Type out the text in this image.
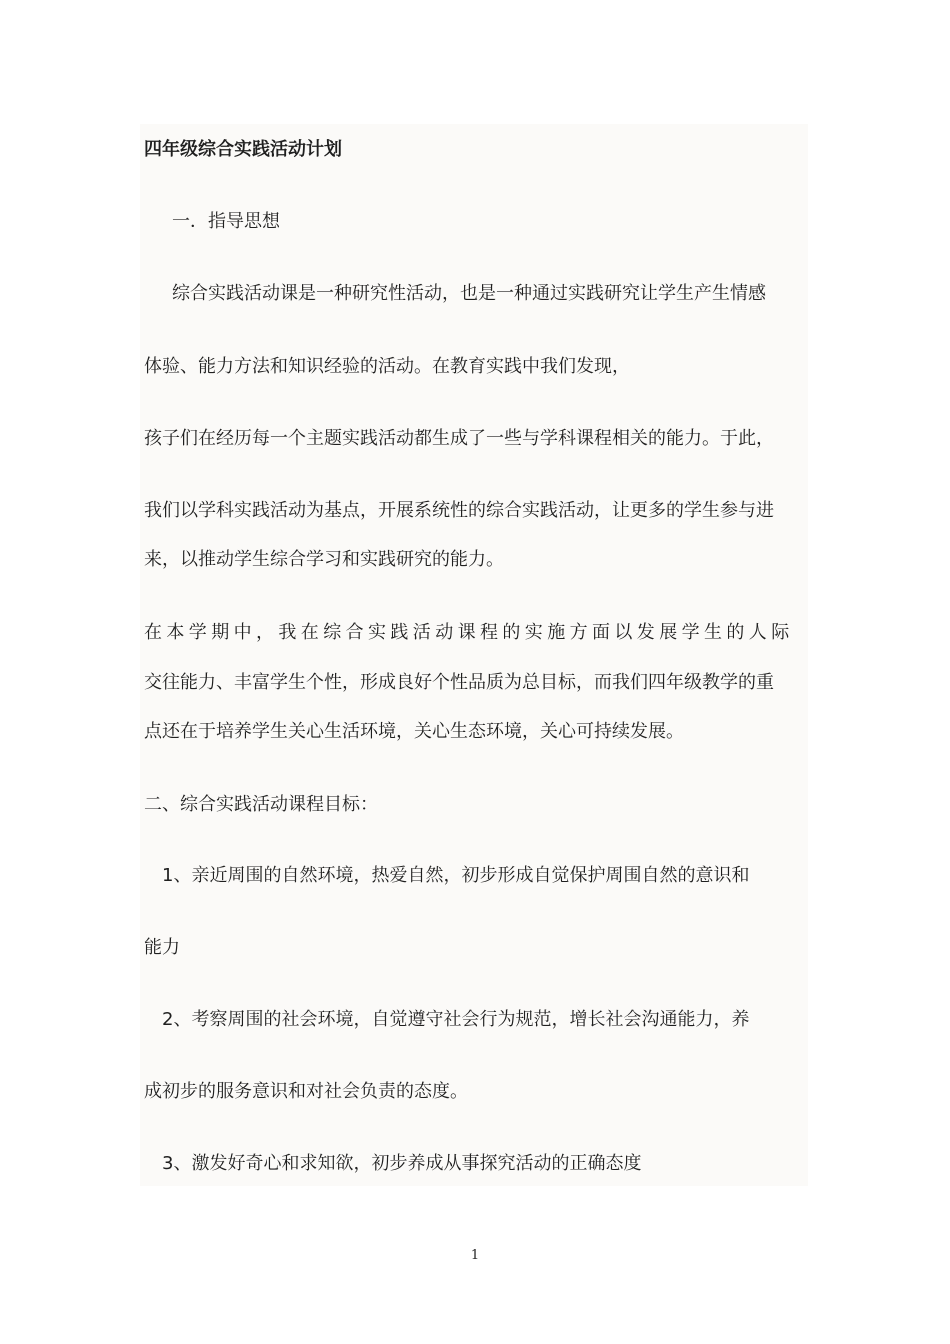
四年级综合实践活动计划
一．指导思想
综合实践活动课是一种研究性活动，也是一种通过实践研究让学生产生情感
体验、能力方法和知识经验的活动。在教育实践中我们发现，
孩子们在经历每一个主题实践活动都生成了一些与学科课程相关的能力。于此，
我们以学科实践活动为基点，开展系统性的综合实践活动，让更多的学生参与进
来，以推动学生综合学习和实践研究的能力。
在本学期中，我在综合实践活动课程的实施方面以发展学生的人际
交往能力、丰富学生个性，形成良好个性品质为总目标，而我们四年级教学的重
点还在于培养学生关心生活环境，关心生态环境，关心可持续发展。
二、综合实践活动课程目标：
1、亲近周围的自然环境，热爱自然，初步形成自觉保护周围自然的意识和
能力
2、考察周围的社会环境，自觉遵守社会行为规范，增长社会沟通能力，养
成初步的服务意识和对社会负责的态度。
3、激发好奇心和求知欲，初步养成从事探究活动的正确态度
1
